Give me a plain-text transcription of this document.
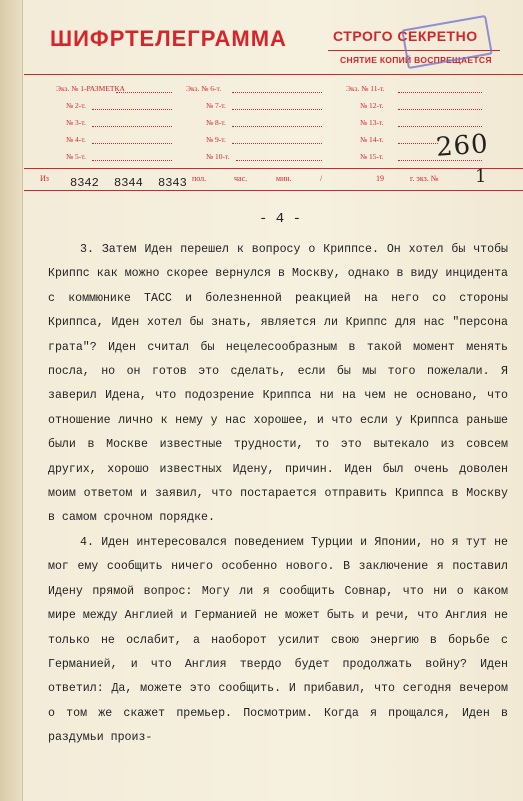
ШИФРТЕЛЕГРАММА	СТРОГО СЕКРЕТНО
СНЯТИЕ КОПИЙ ВОСПРЕЩАЕТСЯ
Экз. № 1-РАЗМЕТКА
№ 2-т.
№ 3-т.
№ 4-т.
№ 5-т.
Экз. № 6-т.
№ 7-т.
№ 8-т.
№ 9-т.
№ 10-т.
Экз. № 11-т.
№ 12-т.
№ 13-т.
№ 14-т.
№ 15-т. 260
Из 8342 8344 8343 пол.	час.	мин.	/	19	г. экз. № 1
- 4 -

3. Затем Иден перешел к вопросу о Криппсе. Он хотел бы чтобы Криппс как можно скорее вернулся в Москву, однако в виду инцидента с коммюнике ТАСС и болезненной реакцией на него со стороны Криппса, Иден хотел бы знать, является ли Криппс для нас "персона грата"? Иден считал бы нецелесообразным в такой момент менять посла, но он готов это сделать, если бы мы того пожелали. Я заверил Идена, что подозрение Криппса ни на чем не основано, что отношение лично к нему у нас хорошее, и что если у Криппса раньше были в Москве известные трудности, то это вытекало из совсем других, хорошо известных Идену, причин. Иден был очень доволен моим ответом и заявил, что постарается отправить Криппса в Москву в самом срочном порядке.

4. Иден интересовался поведением Турции и Японии, но я тут не мог ему сообщить ничего особенно нового. В заключение я поставил Идену прямой вопрос: Могу ли я сообщить Совнар, что ни о каком мире между Англией и Германией не может быть и речи, что Англия не только не ослабит, а наоборот усилит свою энергию в борьбе с Германией, и что Англия твердо будет продолжать войну? Иден ответил: Да, можете это сообщить. И прибавил, что сегодня вечером о том же скажет премьер. Посмотрим. Когда я прощался, Иден в раздумьи произ-
